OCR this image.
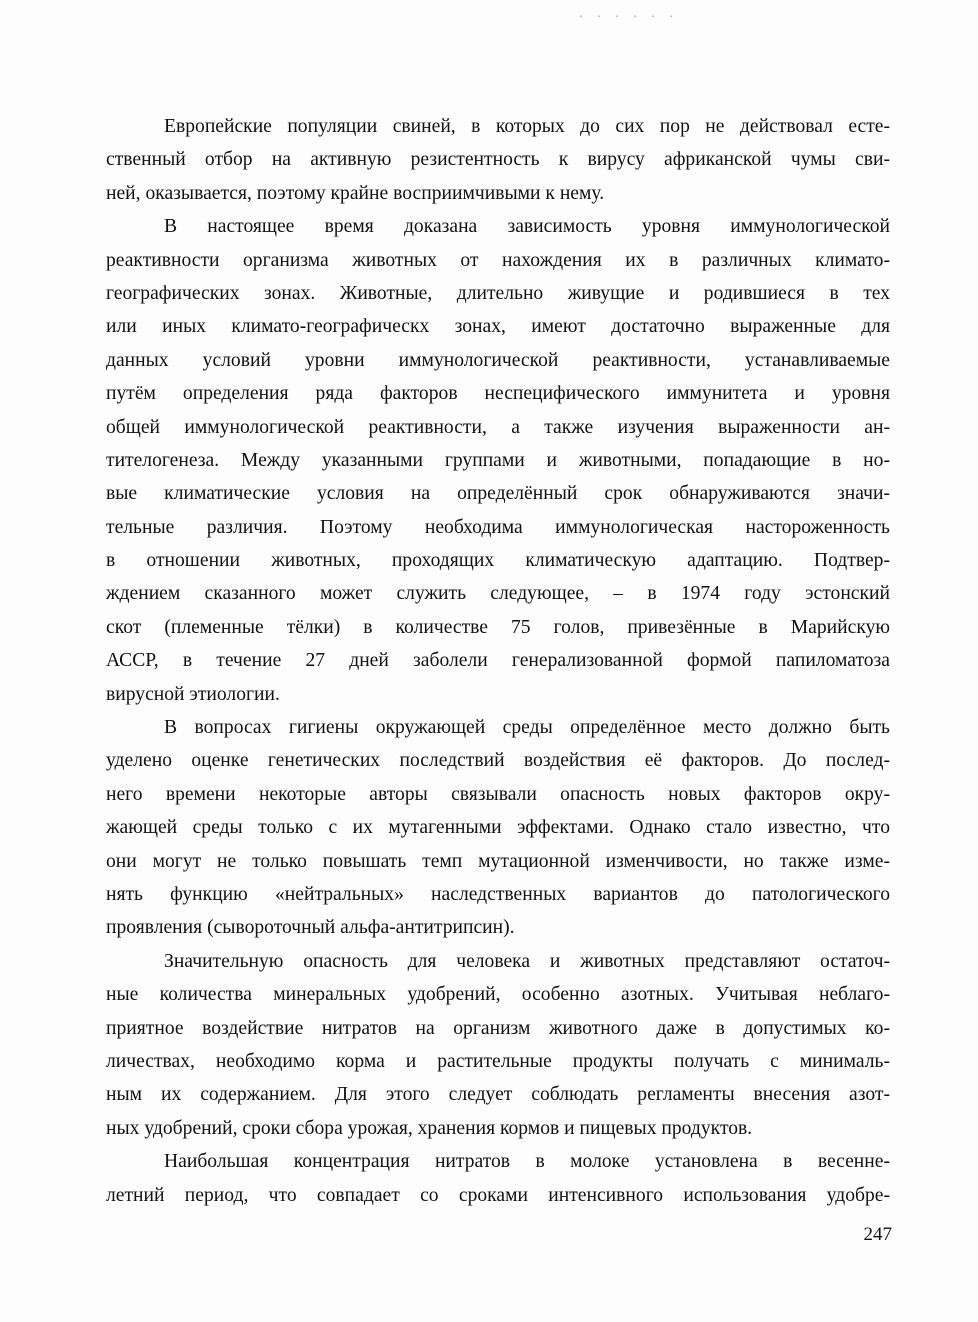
. . . . . .
Европейские популяции свиней, в которых до сих пор не действовал есте-
ственный отбор на активную резистентность к вирусу африканской чумы сви-
ней, оказывается, поэтому крайне восприимчивыми к нему.
В настоящее время доказана зависимость уровня иммунологической
реактивности организма животных от нахождения их в различных климато-
географических зонах. Животные, длительно живущие и родившиеся в тех
или иных климато-географическх зонах, имеют достаточно выраженные для
данных условий уровни иммунологической реактивности, устанавливаемые
путём определения ряда факторов неспецифического иммунитета и уровня
общей иммунологической реактивности, а также изучения выраженности ан-
тителогенеза. Между указанными группами и животными, попадающие в но-
вые климатические условия на определённый срок обнаруживаются значи-
тельные различия. Поэтому необходима иммунологическая настороженность
в отношении животных, проходящих климатическую адаптацию. Подтвер-
ждением сказанного может служить следующее, – в 1974 году эстонский
скот (племенные тёлки) в количестве 75 голов, привезённые в Марийскую
АССР, в течение 27 дней заболели генерализованной формой папиломатоза
вирусной этиологии.
В вопросах гигиены окружающей среды определённое место должно быть
уделено оценке генетических последствий воздействия её факторов. До послед-
него времени некоторые авторы связывали опасность новых факторов окру-
жающей среды только с их мутагенными эффектами. Однако стало известно, что
они могут не только повышать темп мутационной изменчивости, но также изме-
нять функцию «нейтральных» наследственных вариантов до патологического
проявления (сывороточный альфа-антитрипсин).
Значительную опасность для человека и животных представляют остаточ-
ные количества минеральных удобрений, особенно азотных. Учитывая неблаго-
приятное воздействие нитратов на организм животного даже в допустимых ко-
личествах, необходимо корма и растительные продукты получать с минималь-
ным их содержанием. Для этого следует соблюдать регламенты внесения азот-
ных удобрений, сроки сбора урожая, хранения кормов и пищевых продуктов.
Наибольшая концентрация нитратов в молоке установлена в весенне-
летний период, что совпадает со сроками интенсивного использования удобре-
247
